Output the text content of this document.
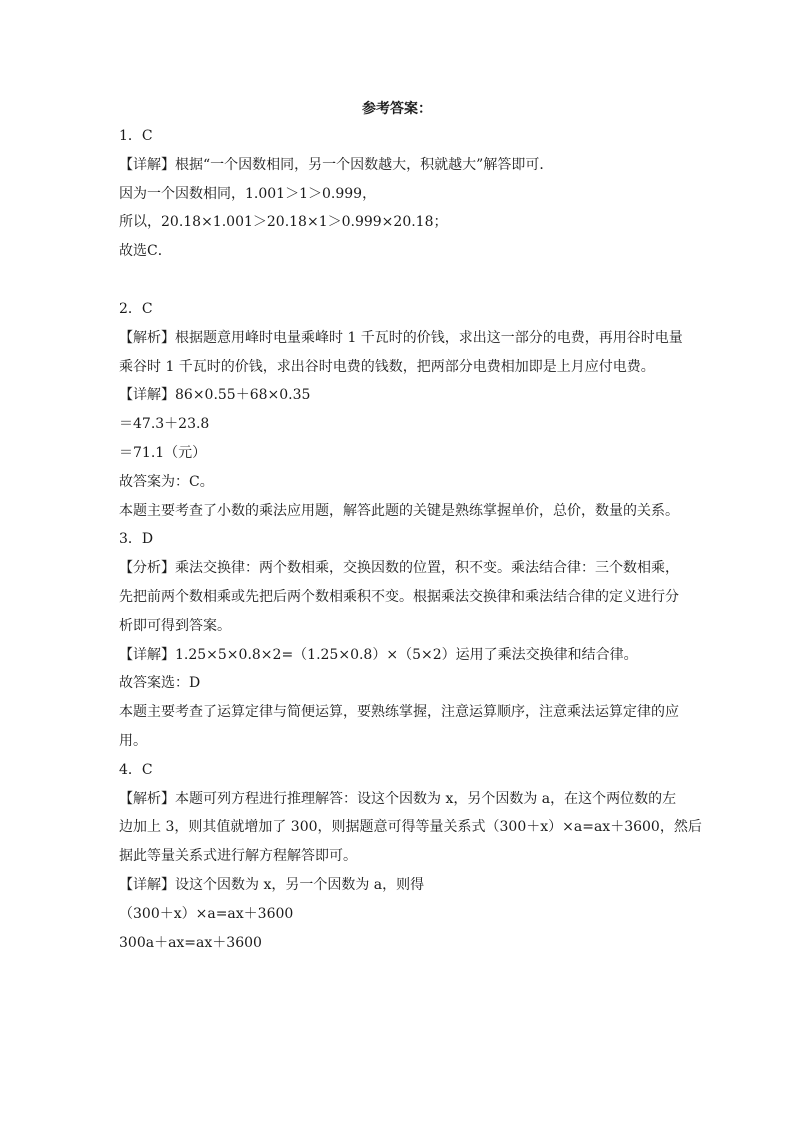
参考答案：
1．C
【详解】根据“一个因数相同，另一个因数越大，积就越大”解答即可．
因为一个因数相同，1.001＞1＞0.999，
所以，20.18×1.001＞20.18×1＞0.999×20.18；
故选C．
2．C
【解析】根据题意用峰时电量乘峰时 1 千瓦时的价钱，求出这一部分的电费，再用谷时电量
乘谷时 1 千瓦时的价钱，求出谷时电费的钱数，把两部分电费相加即是上月应付电费。
【详解】86×0.55＋68×0.35
＝47.3＋23.8
＝71.1（元）
故答案为：C。
本题主要考查了小数的乘法应用题，解答此题的关键是熟练掌握单价，总价，数量的关系。
3．D
【分析】乘法交换律：两个数相乘，交换因数的位置，积不变。乘法结合律：三个数相乘，
先把前两个数相乘或先把后两个数相乘积不变。根据乘法交换律和乘法结合律的定义进行分
析即可得到答案。
【详解】1.25×5×0.8×2=（1.25×0.8）×（5×2）运用了乘法交换律和结合律。
故答案选：D
本题主要考查了运算定律与简便运算，要熟练掌握，注意运算顺序，注意乘法运算定律的应
用。
4．C
【解析】本题可列方程进行推理解答：设这个因数为 x，另个因数为 a，在这个两位数的左
边加上 3，则其值就增加了 300，则据题意可得等量关系式（300＋x）×a=ax＋3600，然后
据此等量关系式进行解方程解答即可。
【详解】设这个因数为 x，另一个因数为 a，则得
（300＋x）×a=ax＋3600
300a＋ax=ax＋3600
